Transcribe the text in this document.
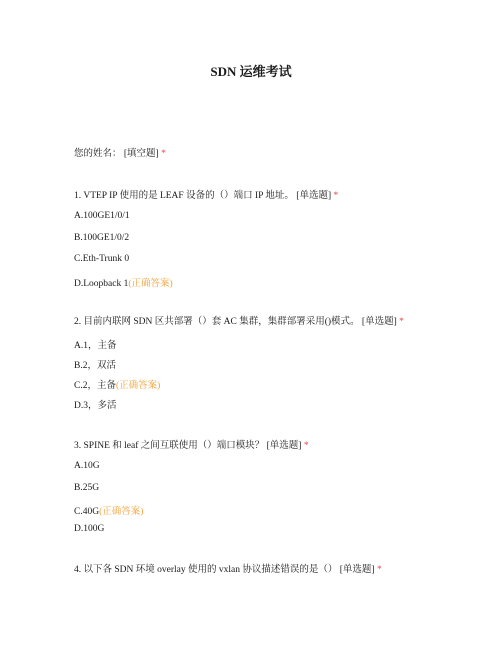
SDN 运维考试
您的姓名： [填空题] *
1. VTEP IP 使用的是 LEAF 设备的（）端口 IP 地址。 [单选题] *
A.100GE1/0/1
B.100GE1/0/2
C.Eth-Trunk 0
D.Loopback 1(正确答案)
2. 目前内联网 SDN 区共部署（）套 AC 集群，集群部署采用()模式。 [单选题] *
A.1，主备
B.2，双活
C.2，主备(正确答案)
D.3，多活
3. SPINE 和 leaf 之间互联使用（）端口模块？ [单选题] *
A.10G
B.25G
C.40G(正确答案)
D.100G
4. 以下各 SDN 环境 overlay 使用的 vxlan 协议描述错误的是（） [单选题] *
